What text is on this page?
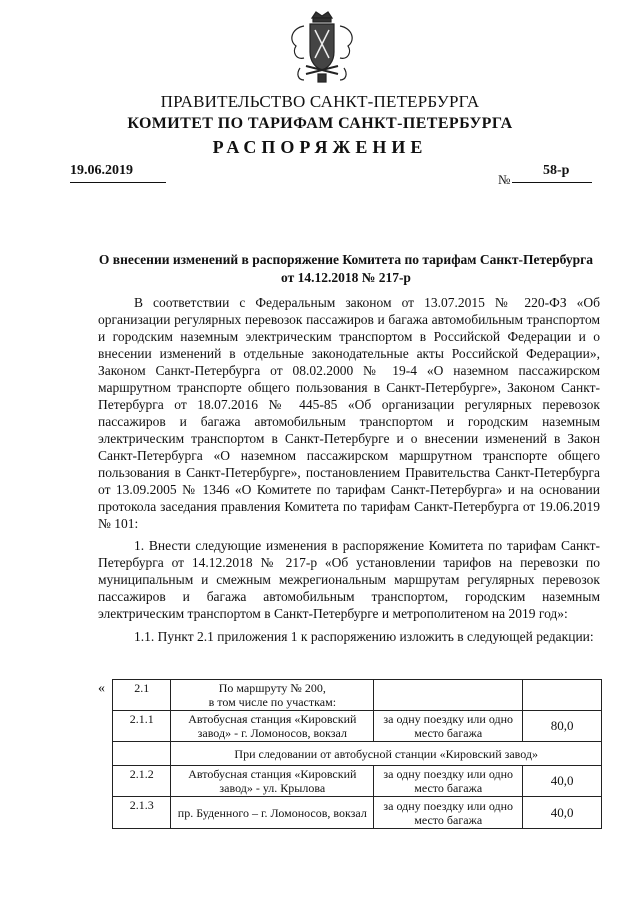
ПРАВИТЕЛЬСТВО САНКТ-ПЕТЕРБУРГА
КОМИТЕТ ПО ТАРИФАМ САНКТ-ПЕТЕРБУРГА
РАСПОРЯЖЕНИЕ
19.06.2019
№
58-р
О внесении изменений в распоряжение Комитета по тарифам Санкт-Петербурга
от 14.12.2018 № 217-р

В соответствии с Федеральным законом от 13.07.2015 № 220-ФЗ «Об организации регулярных перевозок пассажиров и багажа автомобильным транспортом и городским наземным электрическим транспортом в Российской Федерации и о внесении изменений в отдельные законодательные акты Российской Федерации», Законом Санкт-Петербурга от 08.02.2000 № 19-4 «О наземном пассажирском маршрутном транспорте общего пользования в Санкт-Петербурге», Законом Санкт-Петербурга от 18.07.2016 № 445-85 «Об организации регулярных перевозок пассажиров и багажа автомобильным транспортом и городским наземным электрическим транспортом в Санкт-Петербурге и о внесении изменений в Закон Санкт-Петербурга «О наземном пассажирском маршрутном транспорте общего пользования в Санкт-Петербурге», постановлением Правительства Санкт-Петербурга от 13.09.2005 № 1346 «О Комитете по тарифам Санкт-Петербурга» и на основании протокола заседания правления Комитета по тарифам Санкт-Петербурга от 19.06.2019 № 101:

1. Внести следующие изменения в распоряжение Комитета по тарифам Санкт-Петербурга от 14.12.2018 № 217-р «Об установлении тарифов на перевозки по муниципальным и смежным межрегиональным маршрутам регулярных перевозок пассажиров и багажа автомобильным транспортом, городским наземным электрическим транспортом в Санкт-Петербурге и метрополитеном на 2019 год»:

1.1. Пункт 2.1 приложения 1 к распоряжению изложить в следующей редакции:

« 2.1	По маршруту № 200,
в том числе по участкам:		

2.1.1	Автобусная станция «Кировский завод» - г. Ломоносов, вокзал	за одну поездку или одно место багажа	80,0
	При следовании от автобусной станции «Кировский завод»		
2.1.2	Автобусная станция «Кировский завод» - ул. Крылова	за одну поездку или одно место багажа	40,0
2.1.3	пр. Буденного – г. Ломоносов, вокзал	за одну поездку или одно место багажа	40,0
